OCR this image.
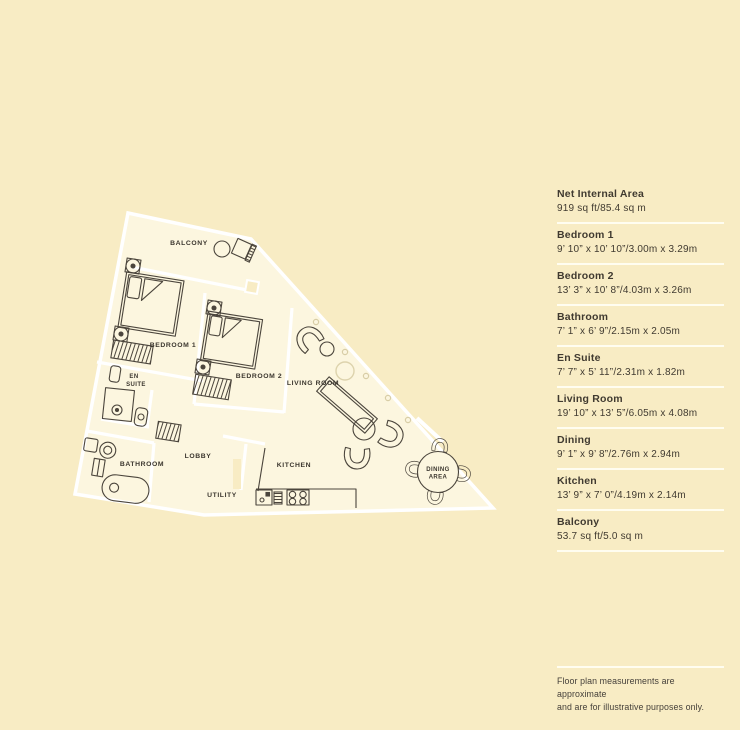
DINING
AREA
BALCONY
BEDROOM 1
BEDROOM 2
EN
SUITE
BATHROOM
LOBBY
UTILITY
KITCHEN
LIVING ROOM
Net Internal Area
919 sq ft/85.4 sq m
Bedroom 1
9’ 10” x 10’ 10”/3.00m x 3.29m
Bedroom 2
13’ 3” x 10’ 8”/4.03m x 3.26m
Bathroom
7’ 1” x 6’ 9”/2.15m x 2.05m
En Suite
7’ 7” x 5’ 11”/2.31m x 1.82m
Living Room
19’ 10” x 13’ 5”/6.05m x 4.08m
Dining
9’ 1” x 9’ 8”/2.76m x 2.94m
Kitchen
13’ 9” x 7’ 0”/4.19m x 2.14m
Balcony
53.7 sq ft/5.0 sq m
Floor plan measurements are approximate
and are for illustrative purposes only.
